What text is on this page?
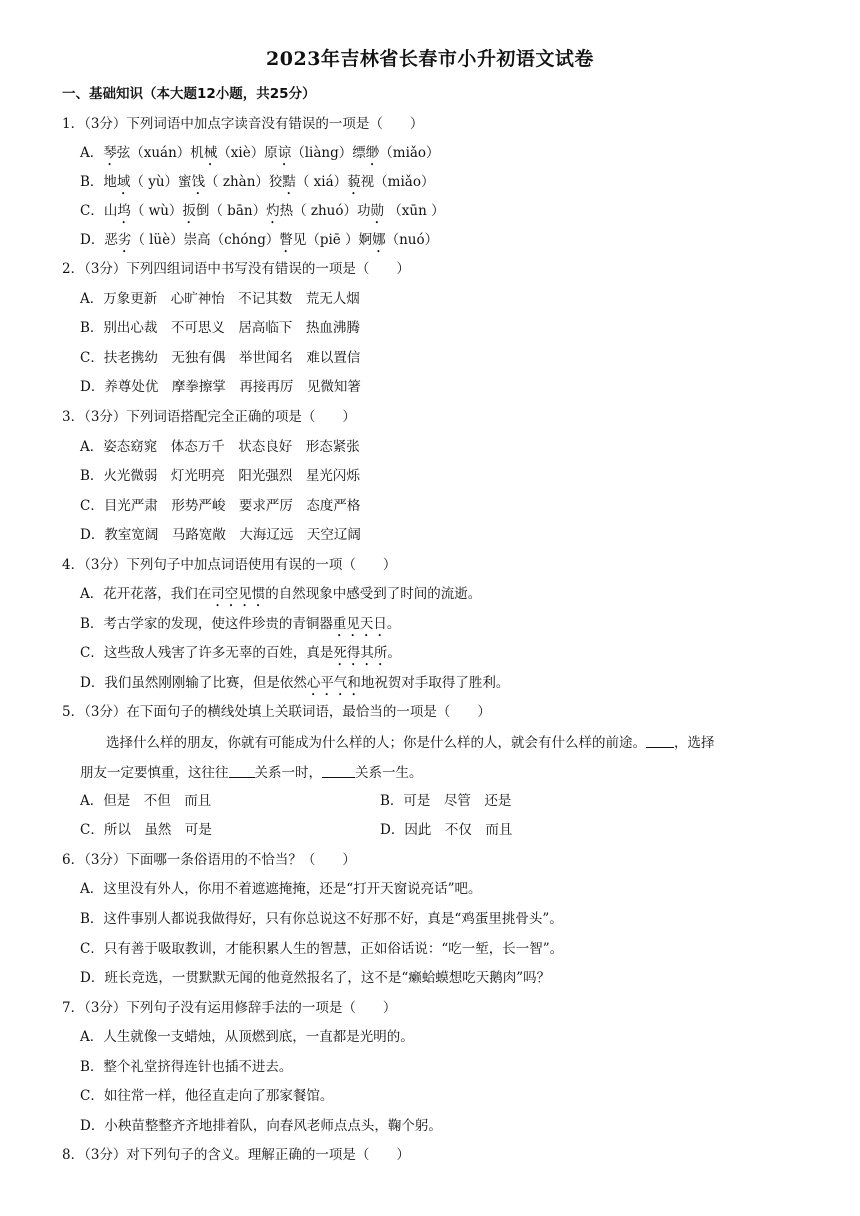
2023年吉林省长春市小升初语文试卷
一、基础知识（本大题12小题，共25分）
1．（3分）下列词语中加点字读音没有错误的一项是（　　）
A．琴弦（xuán）机械（xiè）原谅（liàng）缥缈（miǎo）
B．地域（ yù）蜜饯（ zhàn）狡黠（ xiá）藐视（miǎo）
C．山坞（ wù）扳倒（ bān）灼热（ zhuó）功勋 （xūn ）
D．恶劣（ lüè）崇高（chóng）瞥见（piē ）婀娜（nuó）
2．（3分）下列四组词语中书写没有错误的一项是（　　）
A．万象更新　心旷神怡　不记其数　荒无人烟
B．别出心裁　不可思义　居高临下　热血沸腾
C．扶老携幼　无独有偶　举世闻名　难以置信
D．养尊处优　摩拳擦掌　再接再厉　见微知箸
3．（3分）下列词语搭配完全正确的项是（　　）
A．姿态窈窕　体态万千　状态良好　形态紧张
B．火光微弱　灯光明亮　阳光强烈　星光闪烁
C．目光严肃　形势严峻　要求严厉　态度严格
D．教室宽阔　马路宽敞　大海辽远　天空辽阔
4．（3分）下列句子中加点词语使用有误的一项（　　）
A．花开花落，我们在司空见惯的自然现象中感受到了时间的流逝。
B．考古学家的发现，使这件珍贵的青铜器重见天日。
C．这些敌人残害了许多无辜的百姓，真是死得其所。
D．我们虽然刚刚输了比赛，但是依然心平气和地祝贺对手取得了胜利。
5．（3分）在下面句子的横线处填上关联词语，最恰当的一项是（　　）
选择什么样的朋友，你就有可能成为什么样的人；你是什么样的人，就会有什么样的前途。 ，选择
朋友一定要慎重，这往往 关系一时， 关系一生。
A．但是　不但　而且	B．可是　尽管　还是
C．所以　虽然　可是	D．因此　不仅　而且
6．（3分）下面哪一条俗语用的不恰当？（　　）
A．这里没有外人，你用不着遮遮掩掩，还是“打开天窗说亮话”吧。
B．这件事别人都说我做得好，只有你总说这不好那不好，真是“鸡蛋里挑骨头”。
C．只有善于吸取教训，才能积累人生的智慧，正如俗话说：“吃一堑，长一智”。
D．班长竞选，一贯默默无闻的他竟然报名了，这不是“癞蛤蟆想吃天鹅肉”吗？
7．（3分）下列句子没有运用修辞手法的一项是（　　）
A．人生就像一支蜡烛，从顶燃到底，一直都是光明的。
B．整个礼堂挤得连针也插不进去。
C．如往常一样，他径直走向了那家餐馆。
D．小秧苗整整齐齐地排着队，向春风老师点点头，鞠个躬。
8．（3分）对下列句子的含义。理解正确的一项是（　　）
